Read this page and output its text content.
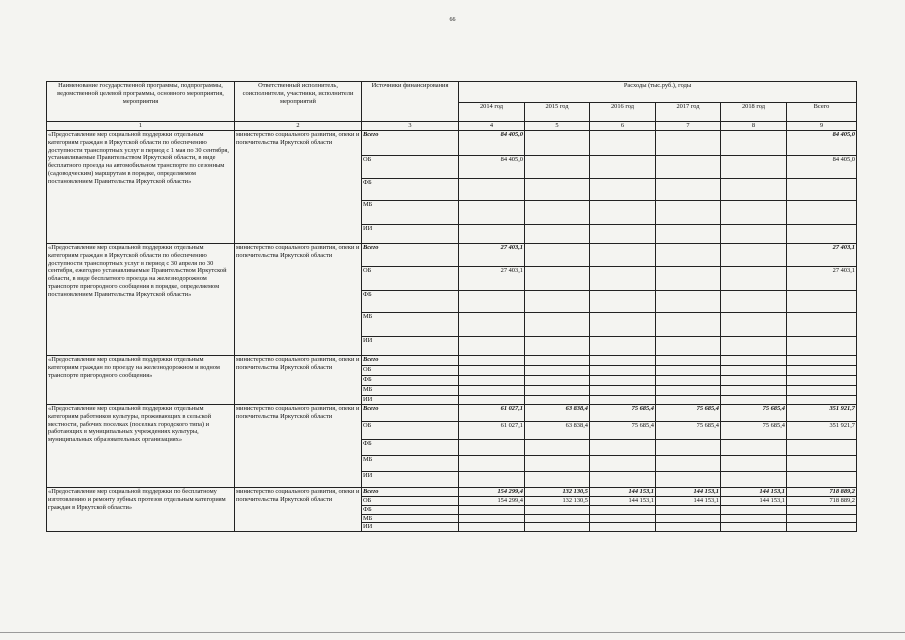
66
Наименование государственной программы, подпрограммы, ведомственной целевой программы, основного мероприятия, мероприятия	Ответственный исполнитель, соисполнители, участники, исполнители мероприятий	Источники финансирования	Расходы (тыс.руб.), годы					
			2014 год	2015 год	2016 год	2017 год	2018 год	Всего
1	2	3	4	5	6	7	8	9
«Предоставление мер социальной поддержки отдельным категориям граждан в Иркутской области по обеспечению доступности транспортных услуг в период с 1 мая по 30 сентября, устанавливаемые Правительством Иркутской области, в виде бесплатного проезда на автомобильном транспорте по сезонным (садоводческим) маршрутам в порядке, определяемом постановлением Правительства Иркутской области»	министерство социального развития, опеки и попечительства Иркутской области	Всего	84 405,0					84 405,0
		ОБ	84 405,0					84 405,0
		ФБ						
		МБ						
		ИИ						
«Предоставление мер социальной поддержки отдельным категориям граждан в Иркутской области по обеспечению доступности транспортных услуг в период с 30 апреля по 30 сентября, ежегодно устанавливаемые Правительством Иркутской области, в виде бесплатного проезда на железнодорожном транспорте пригородного сообщения в порядке, определяемом постановлением Правительства Иркутской области»	министерство социального развития, опеки и попечительства Иркутской области	Всего	27 403,1					27 403,1
		ОБ	27 403,1					27 403,1
		ФБ						
		МБ						
		ИИ						
«Предоставление мер социальной поддержки отдельным категориям граждан по проезду на железнодорожном и водном транспорте пригородного сообщения»	министерство социального развития, опеки и попечительства Иркутской области	Всего						
		ОБ						
		ФБ						
		МБ						
		ИИ						
«Предоставление мер социальной поддержки отдельным категориям работников культуры, проживающих в сельской местности, рабочих поселках (поселках городского типа) и работающих в муниципальных учреждениях культуры, муниципальных образовательных организациях»	министерство социального развития, опеки и попечительства Иркутской области	Всего	61 027,1	63 838,4	75 685,4	75 685,4	75 685,4	351 921,7
		ОБ	61 027,1	63 838,4	75 685,4	75 685,4	75 685,4	351 921,7
		ФБ						
		МБ						
		ИИ						
«Предоставление мер социальной поддержки по бесплатному изготовлению и ремонту зубных протезов отдельным категориям граждан в Иркутской области»	министерство социального развития, опеки и попечительства Иркутской области	Всего	154 299,4	132 130,5	144 153,1	144 153,1	144 153,1	718 889,2
		ОБ	154 299,4	132 130,5	144 153,1	144 153,1	144 153,1	718 889,2
		ФБ						
		МБ						
		ИИ						
